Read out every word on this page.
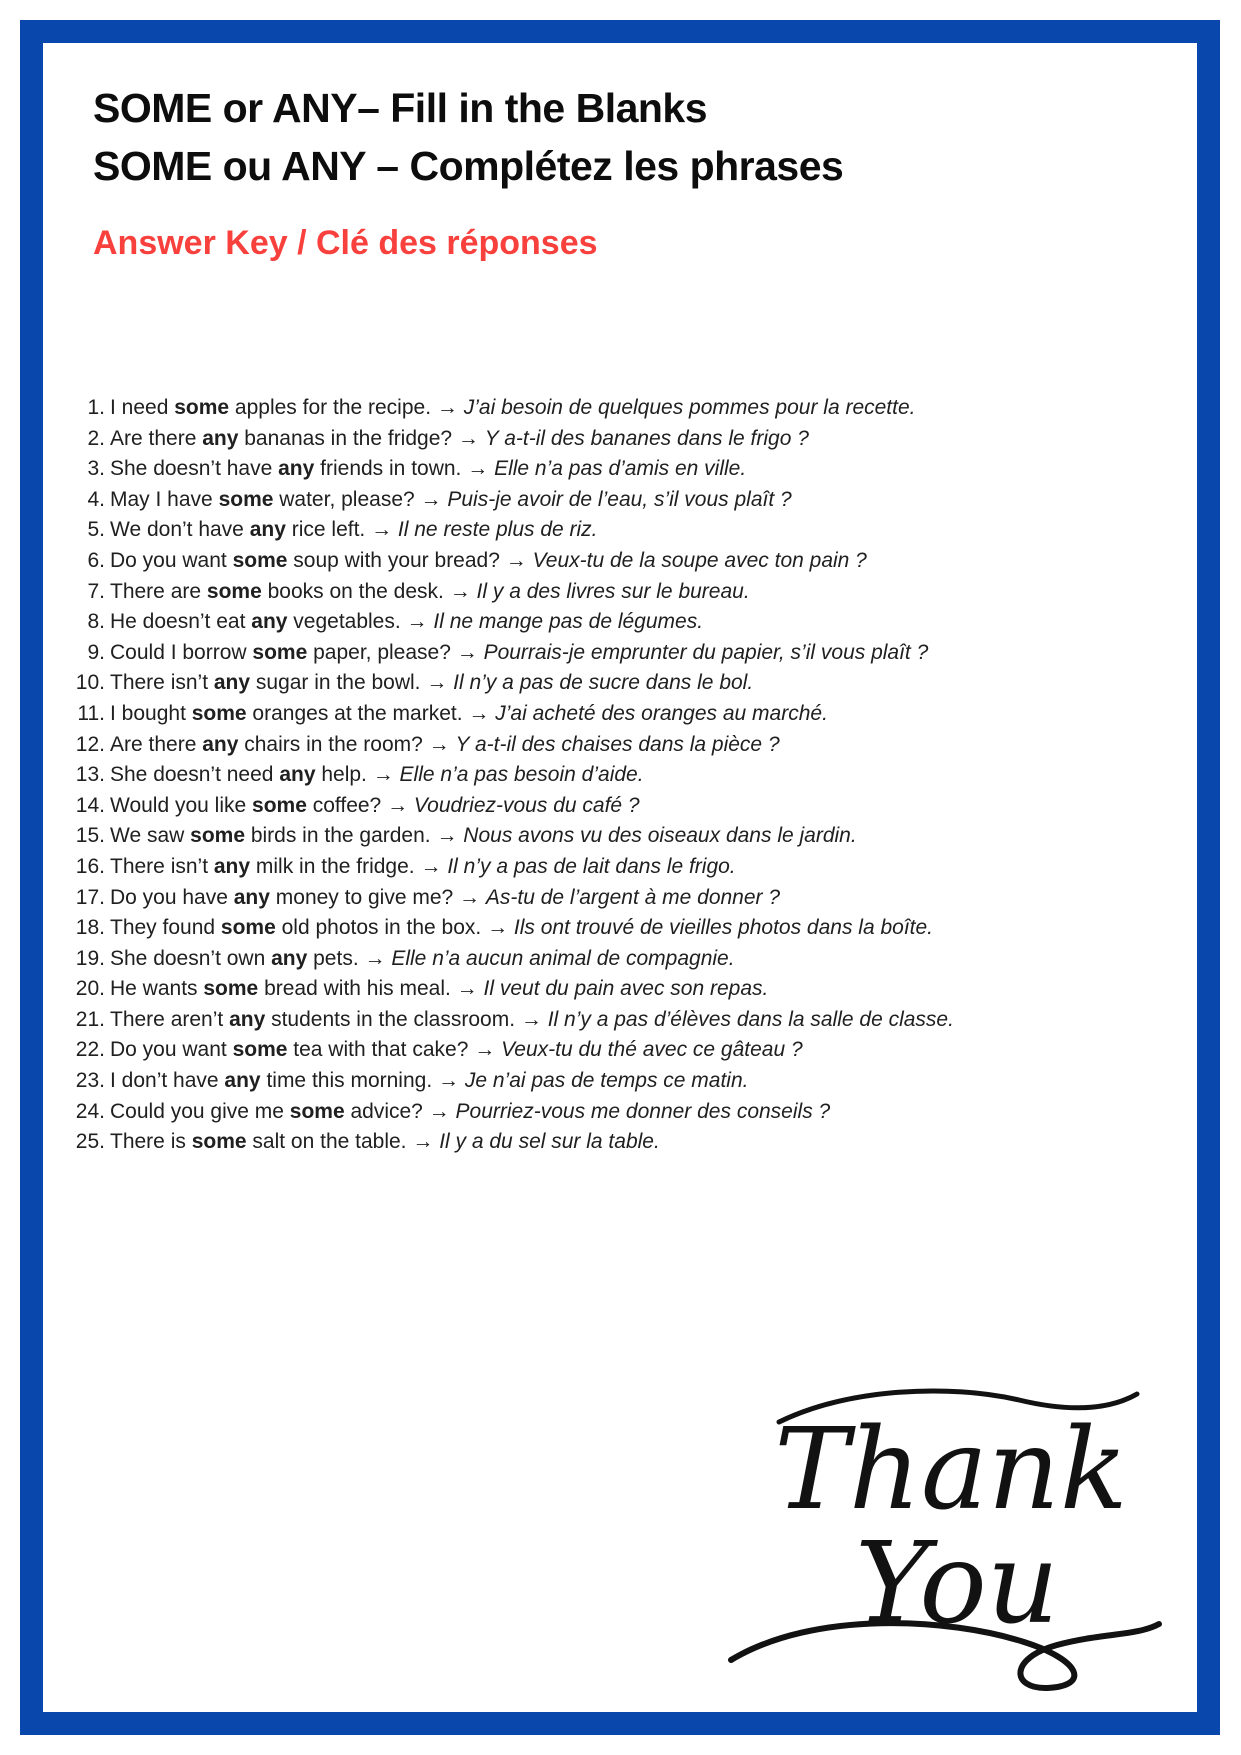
SOME or ANY– Fill in the Blanks
SOME ou ANY – Complétez les phrases
Answer Key / Clé des réponses
1. I need some apples for the recipe. → J’ai besoin de quelques pommes pour la recette.
2. Are there any bananas in the fridge? → Y a-t-il des bananes dans le frigo ?
3. She doesn’t have any friends in town. → Elle n’a pas d’amis en ville.
4. May I have some water, please? → Puis-je avoir de l’eau, s’il vous plaît ?
5. We don’t have any rice left. → Il ne reste plus de riz.
6. Do you want some soup with your bread? → Veux-tu de la soupe avec ton pain ?
7. There are some books on the desk. → Il y a des livres sur le bureau.
8. He doesn’t eat any vegetables. → Il ne mange pas de légumes.
9. Could I borrow some paper, please? → Pourrais-je emprunter du papier, s’il vous plaît ?
10. There isn’t any sugar in the bowl. → Il n’y a pas de sucre dans le bol.
11. I bought some oranges at the market. → J’ai acheté des oranges au marché.
12. Are there any chairs in the room? → Y a-t-il des chaises dans la pièce ?
13. She doesn’t need any help. → Elle n’a pas besoin d’aide.
14. Would you like some coffee? → Voudriez-vous du café ?
15. We saw some birds in the garden. → Nous avons vu des oiseaux dans le jardin.
16. There isn’t any milk in the fridge. → Il n’y a pas de lait dans le frigo.
17. Do you have any money to give me? → As-tu de l’argent à me donner ?
18. They found some old photos in the box. → Ils ont trouvé de vieilles photos dans la boîte.
19. She doesn’t own any pets. → Elle n’a aucun animal de compagnie.
20. He wants some bread with his meal. → Il veut du pain avec son repas.
21. There aren’t any students in the classroom. → Il n’y a pas d’élèves dans la salle de classe.
22. Do you want some tea with that cake? → Veux-tu du thé avec ce gâteau ?
23. I don’t have any time this morning. → Je n’ai pas de temps ce matin.
24. Could you give me some advice? → Pourriez-vous me donner des conseils ?
25. There is some salt on the table. → Il y a du sel sur la table.
Thank
You
